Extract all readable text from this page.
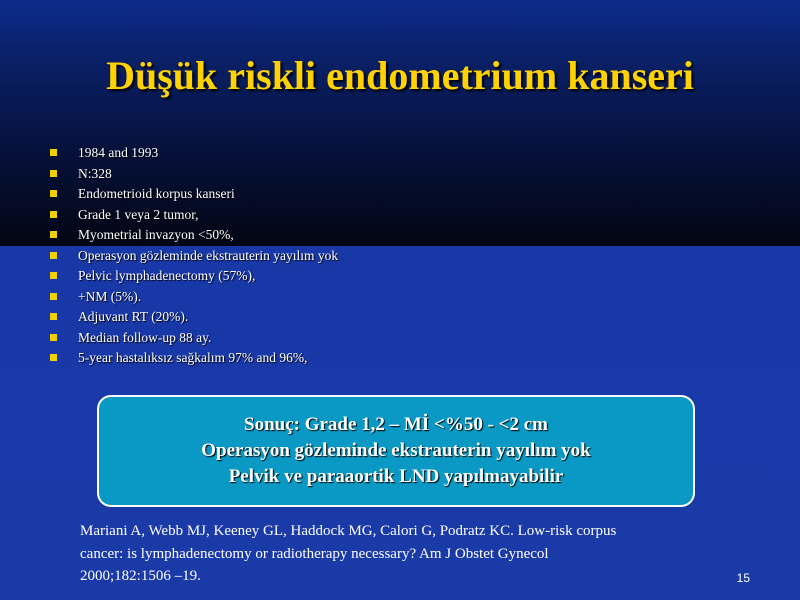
Düşük riskli endometrium kanseri
1984 and 1993
N:328
Endometrioid korpus kanseri
Grade 1 veya 2 tumor,
Myometrial invazyon <50%,
Operasyon gözleminde ekstrauterin yayılım yok
Pelvic lymphadenectomy (57%),
+NM (5%).
Adjuvant RT (20%).
Median follow-up 88 ay.
5-year hastalıksız sağkalım 97% and 96%,
Sonuç: Grade 1,2 – Mİ <%50 - <2 cm
Operasyon gözleminde ekstrauterin yayılım yok
Pelvik ve paraaortik LND yapılmayabilir
Mariani A, Webb MJ, Keeney GL, Haddock MG, Calori G, Podratz KC. Low-risk corpus
cancer: is lymphadenectomy or radiotherapy necessary? Am J Obstet Gynecol
2000;182:1506 –19.	15
